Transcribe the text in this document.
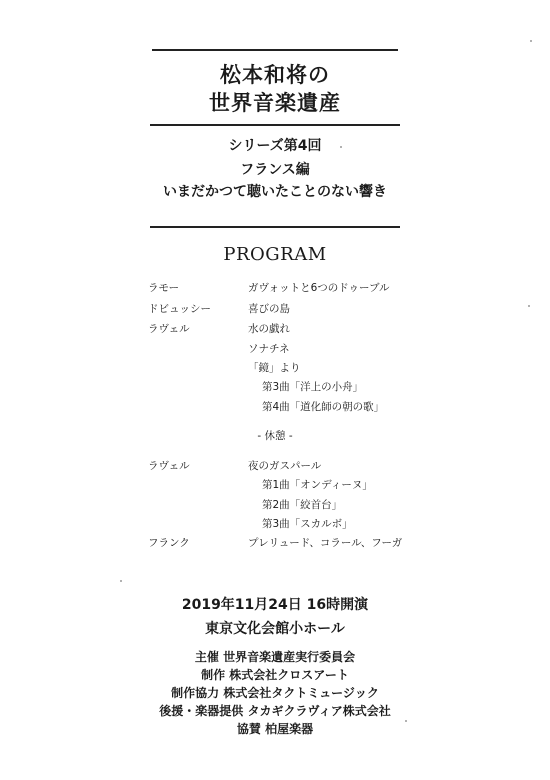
松本和将の
世界音楽遺産
シリーズ第4回
フランス編
いまだかつて聴いたことのない響き
PROGRAM
ラモー	ガヴォットと6つのドゥーブル
ドビュッシー	喜びの島
ラヴェル	水の戯れ
ソナチネ
「鏡」より
第3曲「洋上の小舟」
第4曲「道化師の朝の歌」
- 休憩 -
ラヴェル	夜のガスパール
第1曲「オンディーヌ」
第2曲「絞首台」
第3曲「スカルボ」
フランク	プレリュード、コラール、フーガ
2019年11月24日 16時開演
東京文化会館小ホール
主催 世界音楽遺産実行委員会
制作 株式会社クロスアート
制作協力 株式会社タクトミュージック
後援・楽器提供 タカギクラヴィア株式会社
協賛 柏屋楽器
